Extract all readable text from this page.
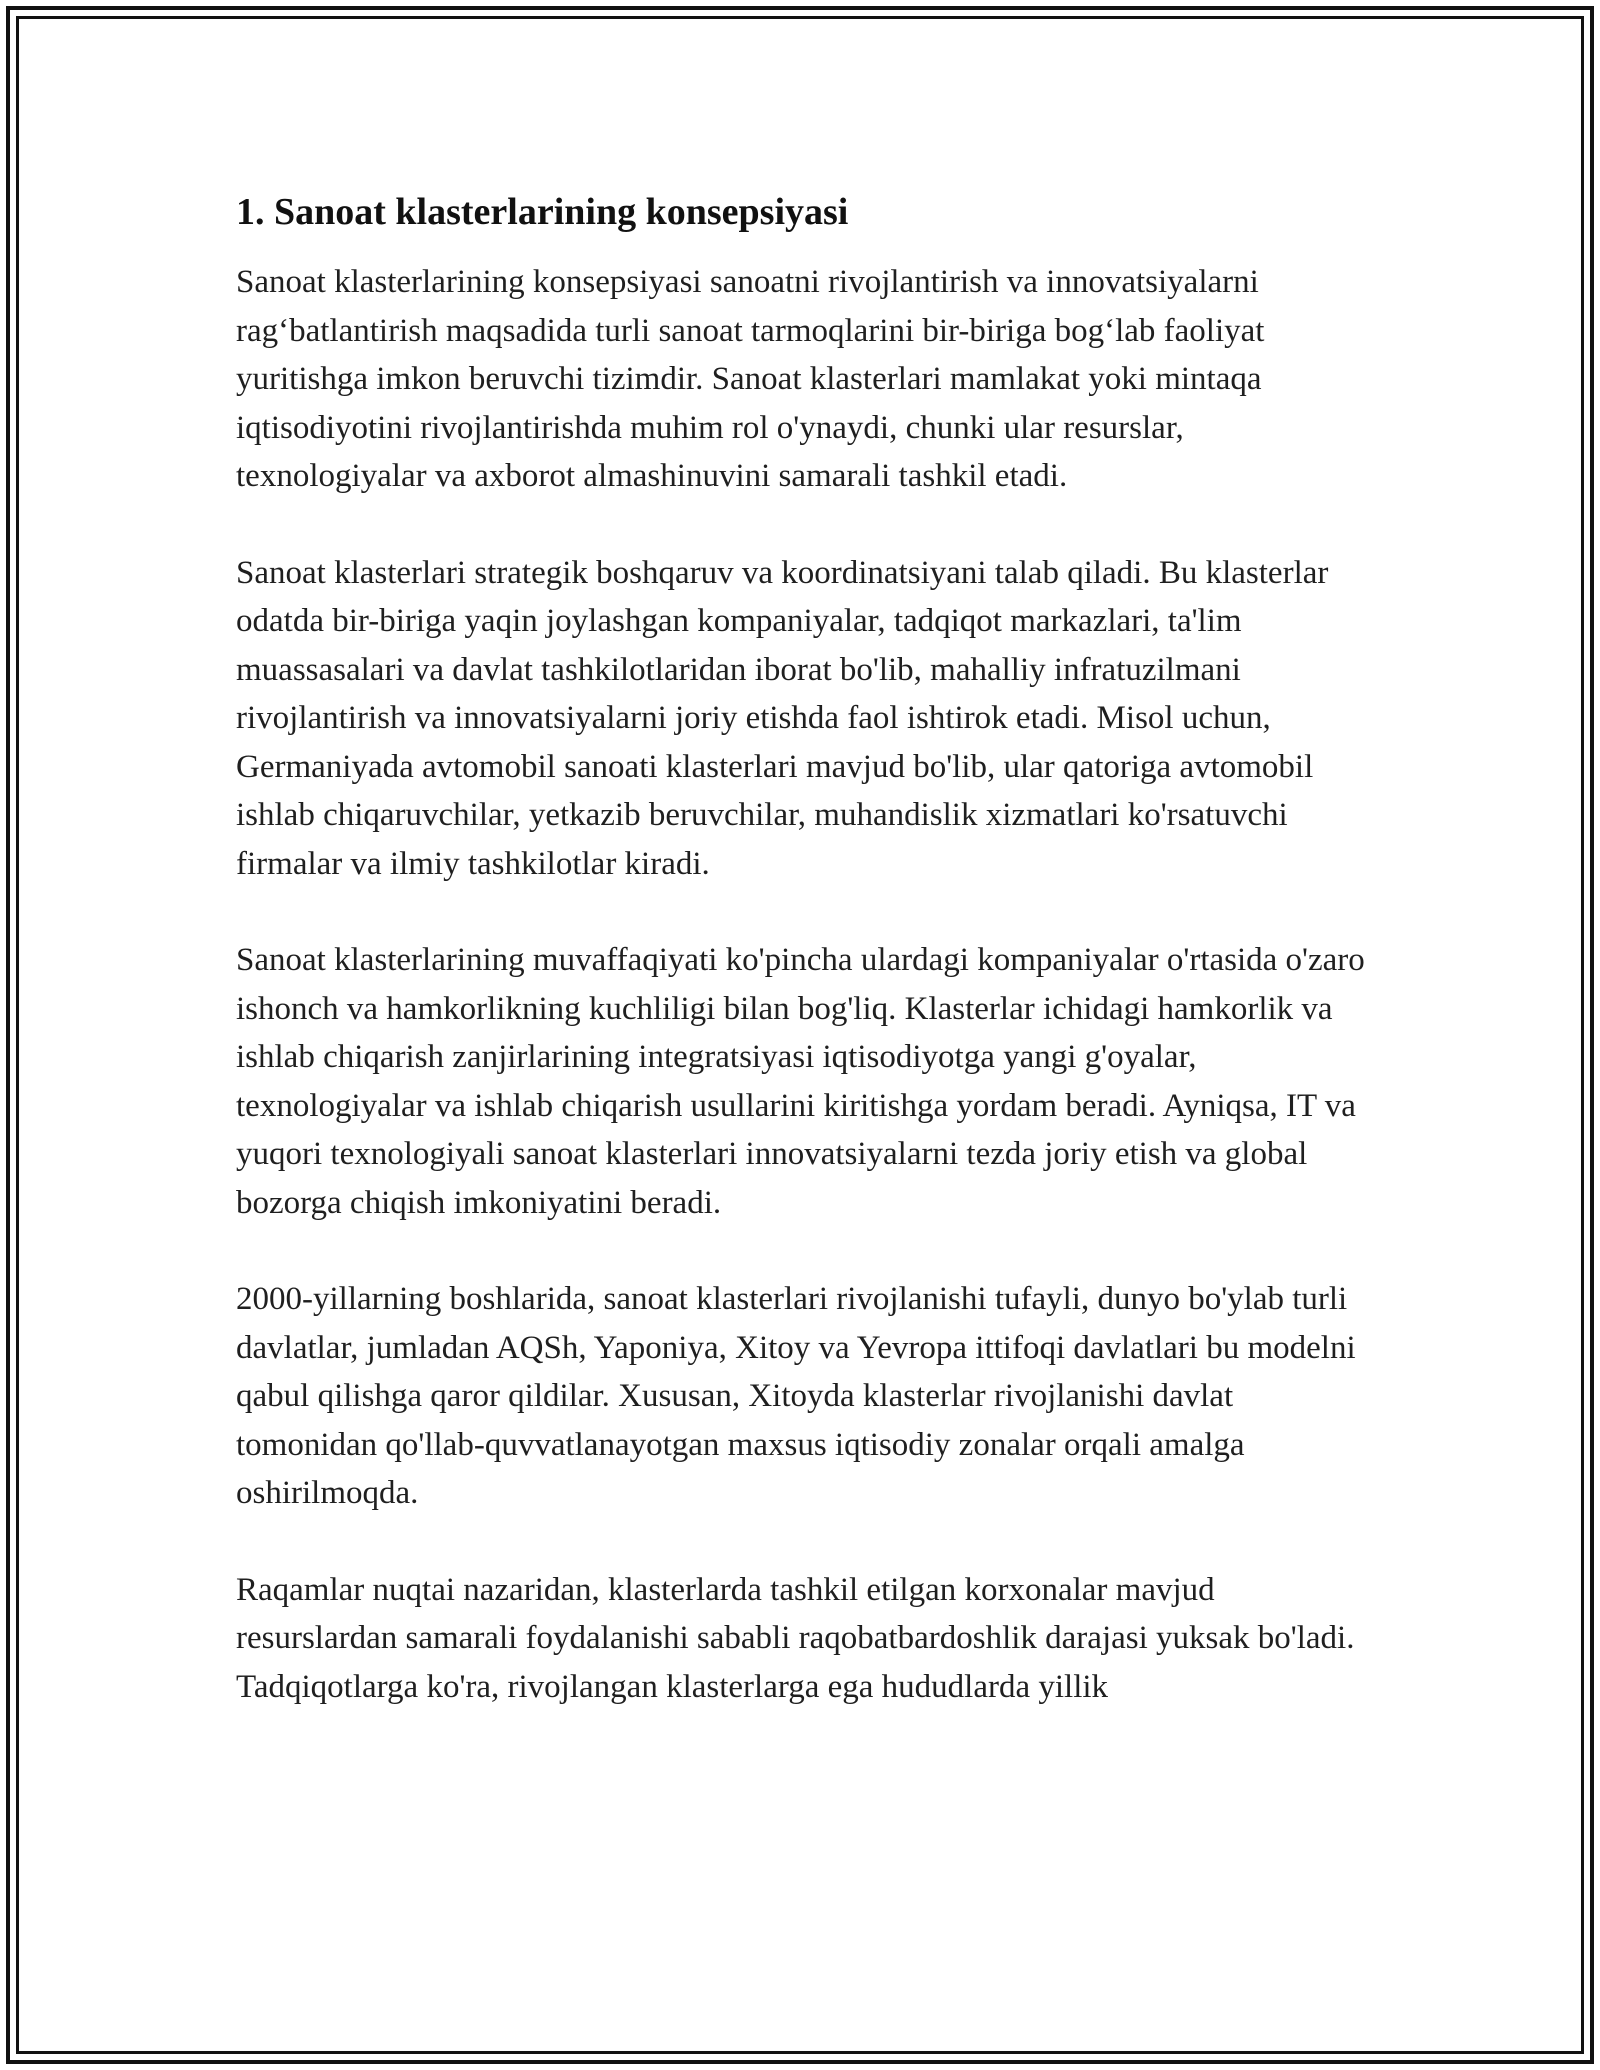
1. Sanoat klasterlarining konsepsiyasi

Sanoat klasterlarining konsepsiyasi sanoatni rivojlantirish va innovatsiyalarni rag‘batlantirish maqsadida turli sanoat tarmoqlarini bir-biriga bog‘lab faoliyat yuritishga imkon beruvchi tizimdir. Sanoat klasterlari mamlakat yoki mintaqa iqtisodiyotini rivojlantirishda muhim rol o'ynaydi, chunki ular resurslar, texnologiyalar va axborot almashinuvini samarali tashkil etadi.

Sanoat klasterlari strategik boshqaruv va koordinatsiyani talab qiladi. Bu klasterlar odatda bir-biriga yaqin joylashgan kompaniyalar, tadqiqot markazlari, ta'lim muassasalari va davlat tashkilotlaridan iborat bo'lib, mahalliy infratuzilmani rivojlantirish va innovatsiyalarni joriy etishda faol ishtirok etadi. Misol uchun, Germaniyada avtomobil sanoati klasterlari mavjud bo'lib, ular qatoriga avtomobil ishlab chiqaruvchilar, yetkazib beruvchilar, muhandislik xizmatlari ko'rsatuvchi firmalar va ilmiy tashkilotlar kiradi.

Sanoat klasterlarining muvaffaqiyati ko'pincha ulardagi kompaniyalar o'rtasida o'zaro ishonch va hamkorlikning kuchliligi bilan bog'liq. Klasterlar ichidagi hamkorlik va ishlab chiqarish zanjirlarining integratsiyasi iqtisodiyotga yangi g'oyalar, texnologiyalar va ishlab chiqarish usullarini kiritishga yordam beradi. Ayniqsa, IT va yuqori texnologiyali sanoat klasterlari innovatsiyalarni tezda joriy etish va global bozorga chiqish imkoniyatini beradi.

2000-yillarning boshlarida, sanoat klasterlari rivojlanishi tufayli, dunyo bo'ylab turli davlatlar, jumladan AQSh, Yaponiya, Xitoy va Yevropa ittifoqi davlatlari bu modelni qabul qilishga qaror qildilar. Xususan, Xitoyda klasterlar rivojlanishi davlat tomonidan qo'llab-quvvatlanayotgan maxsus iqtisodiy zonalar orqali amalga oshirilmoqda.

Raqamlar nuqtai nazaridan, klasterlarda tashkil etilgan korxonalar mavjud resurslardan samarali foydalanishi sababli raqobatbardoshlik darajasi yuksak bo'ladi. Tadqiqotlarga ko'ra, rivojlangan klasterlarga ega hududlarda yillik
